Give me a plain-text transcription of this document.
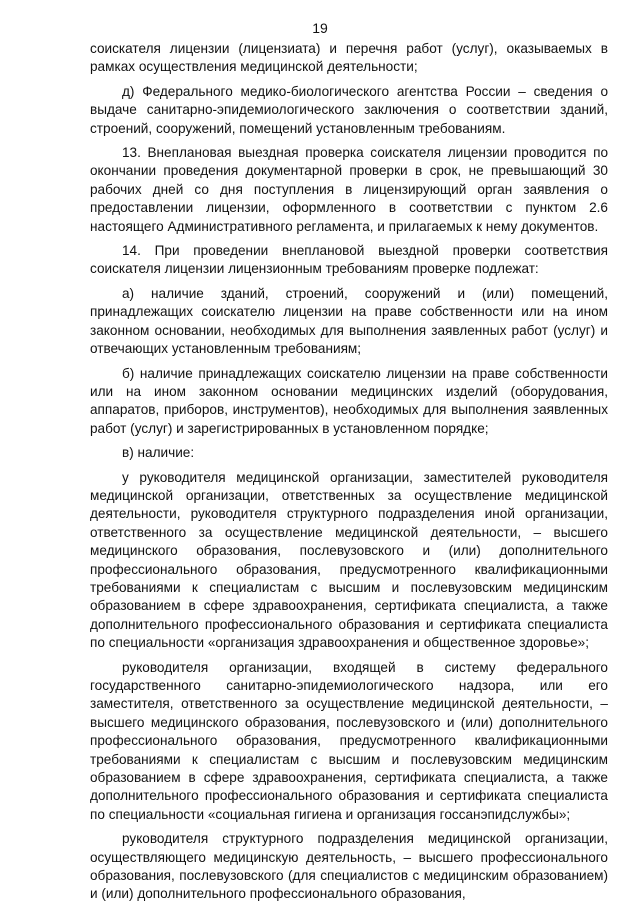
19

соискателя лицензии (лицензиата) и перечня работ (услуг), оказываемых в рамках осуществления медицинской деятельности;

д) Федерального медико-биологического агентства России – сведения о выдаче санитарно-эпидемиологического заключения о соответствии зданий, строений, сооружений, помещений установленным требованиям.

13. Внеплановая выездная проверка соискателя лицензии проводится по окончании проведения документарной проверки в срок, не превышающий 30 рабочих дней со дня поступления в лицензирующий орган заявления о предоставлении лицензии, оформленного в соответствии с пунктом 2.6 настоящего Административного регламента, и прилагаемых к нему документов.

14. При проведении внеплановой выездной проверки соответствия соискателя лицензии лицензионным требованиям проверке подлежат:

а) наличие зданий, строений, сооружений и (или) помещений, принадлежащих соискателю лицензии на праве собственности или на ином законном основании, необходимых для выполнения заявленных работ (услуг) и отвечающих установленным требованиям;

б) наличие принадлежащих соискателю лицензии на праве собственности или на ином законном основании медицинских изделий (оборудования, аппаратов, приборов, инструментов), необходимых для выполнения заявленных работ (услуг) и зарегистрированных в установленном порядке;

в) наличие:

у руководителя медицинской организации, заместителей руководителя медицинской организации, ответственных за осуществление медицинской деятельности, руководителя структурного подразделения иной организации, ответственного за осуществление медицинской деятельности, – высшего медицинского образования, послевузовского и (или) дополнительного профессионального образования, предусмотренного квалификационными требованиями к специалистам с высшим и послевузовским медицинским образованием в сфере здравоохранения, сертификата специалиста, а также дополнительного профессионального образования и сертификата специалиста по специальности «организация здравоохранения и общественное здоровье»;

руководителя организации, входящей в систему федерального государственного санитарно-эпидемиологического надзора, или его заместителя, ответственного за осуществление медицинской деятельности, – высшего медицинского образования, послевузовского и (или) дополнительного профессионального образования, предусмотренного квалификационными требованиями к специалистам с высшим и послевузовским медицинским образованием в сфере здравоохранения, сертификата специалиста, а также дополнительного профессионального образования и сертификата специалиста по специальности «социальная гигиена и организация госсанэпидслужбы»;

руководителя структурного подразделения медицинской организации, осуществляющего медицинскую деятельность, – высшего профессионального образования, послевузовского (для специалистов с медицинским образованием) и (или) дополнительного профессионального образования,
